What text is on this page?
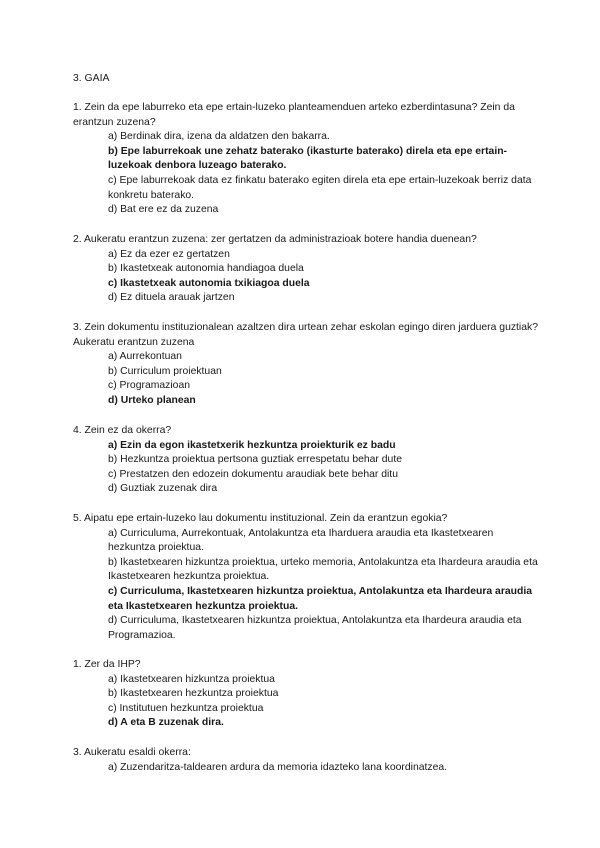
3. GAIA

1. Zein da epe laburreko eta epe ertain-luzeko planteamenduen arteko ezberdintasuna? Zein da erantzun zuzena?

a) Berdinak dira, izena da aldatzen den bakarra.

b) Epe laburrekoak une zehatz baterako (ikasturte baterako) direla eta epe ertain-luzekoak denbora luzeago baterako.

c) Epe laburrekoak data ez finkatu baterako egiten direla eta epe ertain-luzekoak berriz data konkretu baterako.

d) Bat ere ez da zuzena

2. Aukeratu erantzun zuzena: zer gertatzen da administrazioak botere handia duenean?

a) Ez da ezer ez gertatzen

b) Ikastetxeak autonomia handiagoa duela

c) Ikastetxeak autonomia txikiagoa duela

d) Ez dituela arauak jartzen

3. Zein dokumentu instituzionalean azaltzen dira urtean zehar eskolan egingo diren jarduera guztiak? Aukeratu erantzun zuzena

a) Aurrekontuan

b) Curriculum proiektuan

c) Programazioan

d) Urteko planean

4. Zein ez da okerra?

a) Ezin da egon ikastetxerik hezkuntza proiekturik ez badu

b) Hezkuntza proiektua pertsona guztiak errespetatu behar dute

c) Prestatzen den edozein dokumentu araudiak bete behar ditu

d) Guztiak zuzenak dira

5. Aipatu epe ertain-luzeko lau dokumentu instituzional. Zein da erantzun egokia?

a) Curriculuma, Aurrekontuak, Antolakuntza eta Iharduera araudia eta Ikastetxearen hezkuntza proiektua.

b) Ikastetxearen hizkuntza proiektua, urteko memoria, Antolakuntza eta Ihardeura araudia eta Ikastetxearen hezkuntza proiektua.

c) Curriculuma, Ikastetxearen hizkuntza proiektua, Antolakuntza eta Ihardeura araudia eta Ikastetxearen hezkuntza proiektua.

d) Curriculuma, Ikastetxearen hizkuntza proiektua, Antolakuntza eta Ihardeura araudia eta Programazioa.

1. Zer da IHP?

a) Ikastetxearen hizkuntza proiektua

b) Ikastetxearen hezkuntza proiektua

c) Institutuen hezkuntza proiektua

d) A eta B zuzenak dira.

3. Aukeratu esaldi okerra:

a) Zuzendaritza-taldearen ardura da memoria idazteko lana koordinatzea.
